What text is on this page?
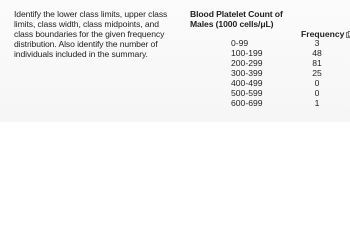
Identify the lower class limits, upper class limits, class width, class midpoints, and class boundaries for the given frequency distribution. Also identify the number of individuals included in the summary.
Blood Platelet Count of
Males (1000 cells/μL)
Frequency
0-99
100-199
200-299
300-399
400-499
500-599
600-699
3
48
81
25
0
0
1
